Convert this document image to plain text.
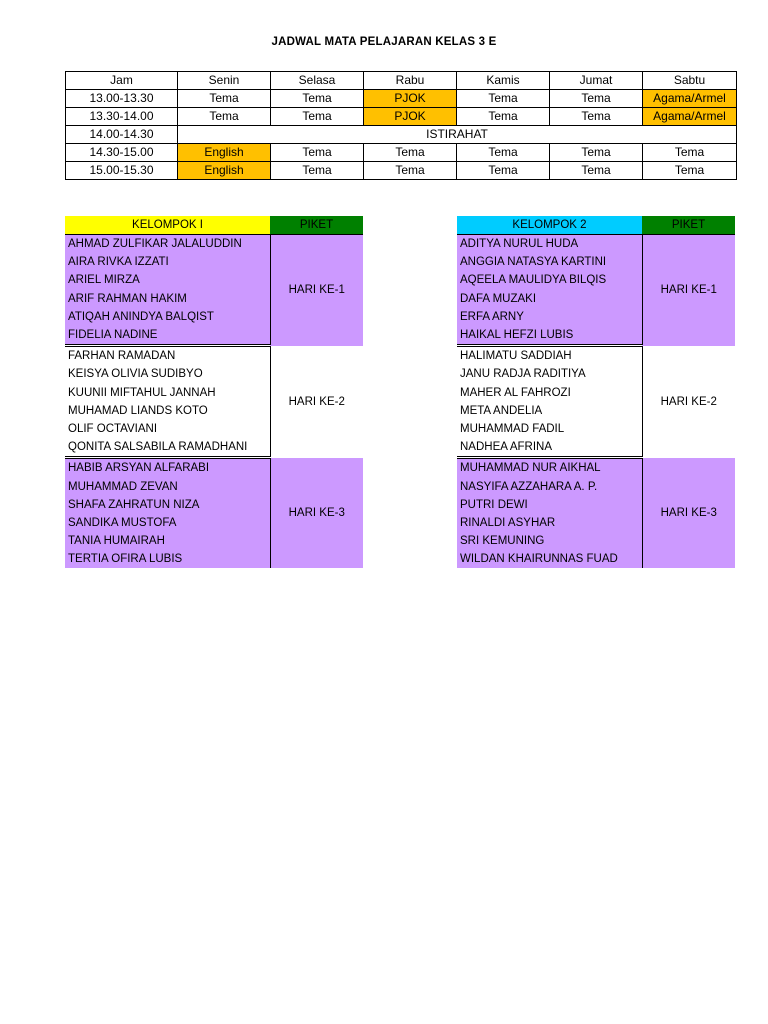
JADWAL MATA PELAJARAN KELAS 3 E
Jam	Senin	Selasa	Rabu	Kamis	Jumat	Sabtu
13.00-13.30	Tema	Tema	PJOK	Tema	Tema	Agama/Armel
13.30-14.00	Tema	Tema	PJOK	Tema	Tema	Agama/Armel
14.00-14.30	ISTIRAHAT					
14.30-15.00	English	Tema	Tema	Tema	Tema	Tema
15.00-15.30	English	Tema	Tema	Tema	Tema	Tema
KELOMPOK I	PIKET
AHMAD ZULFIKAR JALALUDDIN	HARI KE-1
AIRA RIVKA IZZATI	
ARIEL MIRZA	
ARIF RAHMAN HAKIM	
ATIQAH ANINDYA BALQIST	
FIDELIA NADINE	
FARHAN RAMADAN	HARI KE-2
KEISYA OLIVIA SUDIBYO	
KUUNII MIFTAHUL JANNAH	
MUHAMAD LIANDS KOTO	
OLIF OCTAVIANI	
QONITA SALSABILA RAMADHANI	
HABIB ARSYAN ALFARABI	HARI KE-3
MUHAMMAD ZEVAN	
SHAFA ZAHRATUN NIZA	
SANDIKA MUSTOFA	
TANIA HUMAIRAH	
TERTIA OFIRA LUBIS	
KELOMPOK 2	PIKET
ADITYA NURUL HUDA	HARI KE-1
ANGGIA NATASYA KARTINI	
AQEELA MAULIDYA BILQIS	
DAFA MUZAKI	
ERFA ARNY	
HAIKAL HEFZI LUBIS	
HALIMATU SADDIAH	HARI KE-2
JANU RADJA RADITIYA	
MAHER AL FAHROZI	
META ANDELIA	
MUHAMMAD FADIL	
NADHEA AFRINA	
MUHAMMAD NUR AIKHAL	HARI KE-3
NASYIFA AZZAHARA A. P.	
PUTRI DEWI	
RINALDI ASYHAR	
SRI KEMUNING	
WILDAN KHAIRUNNAS FUAD	
